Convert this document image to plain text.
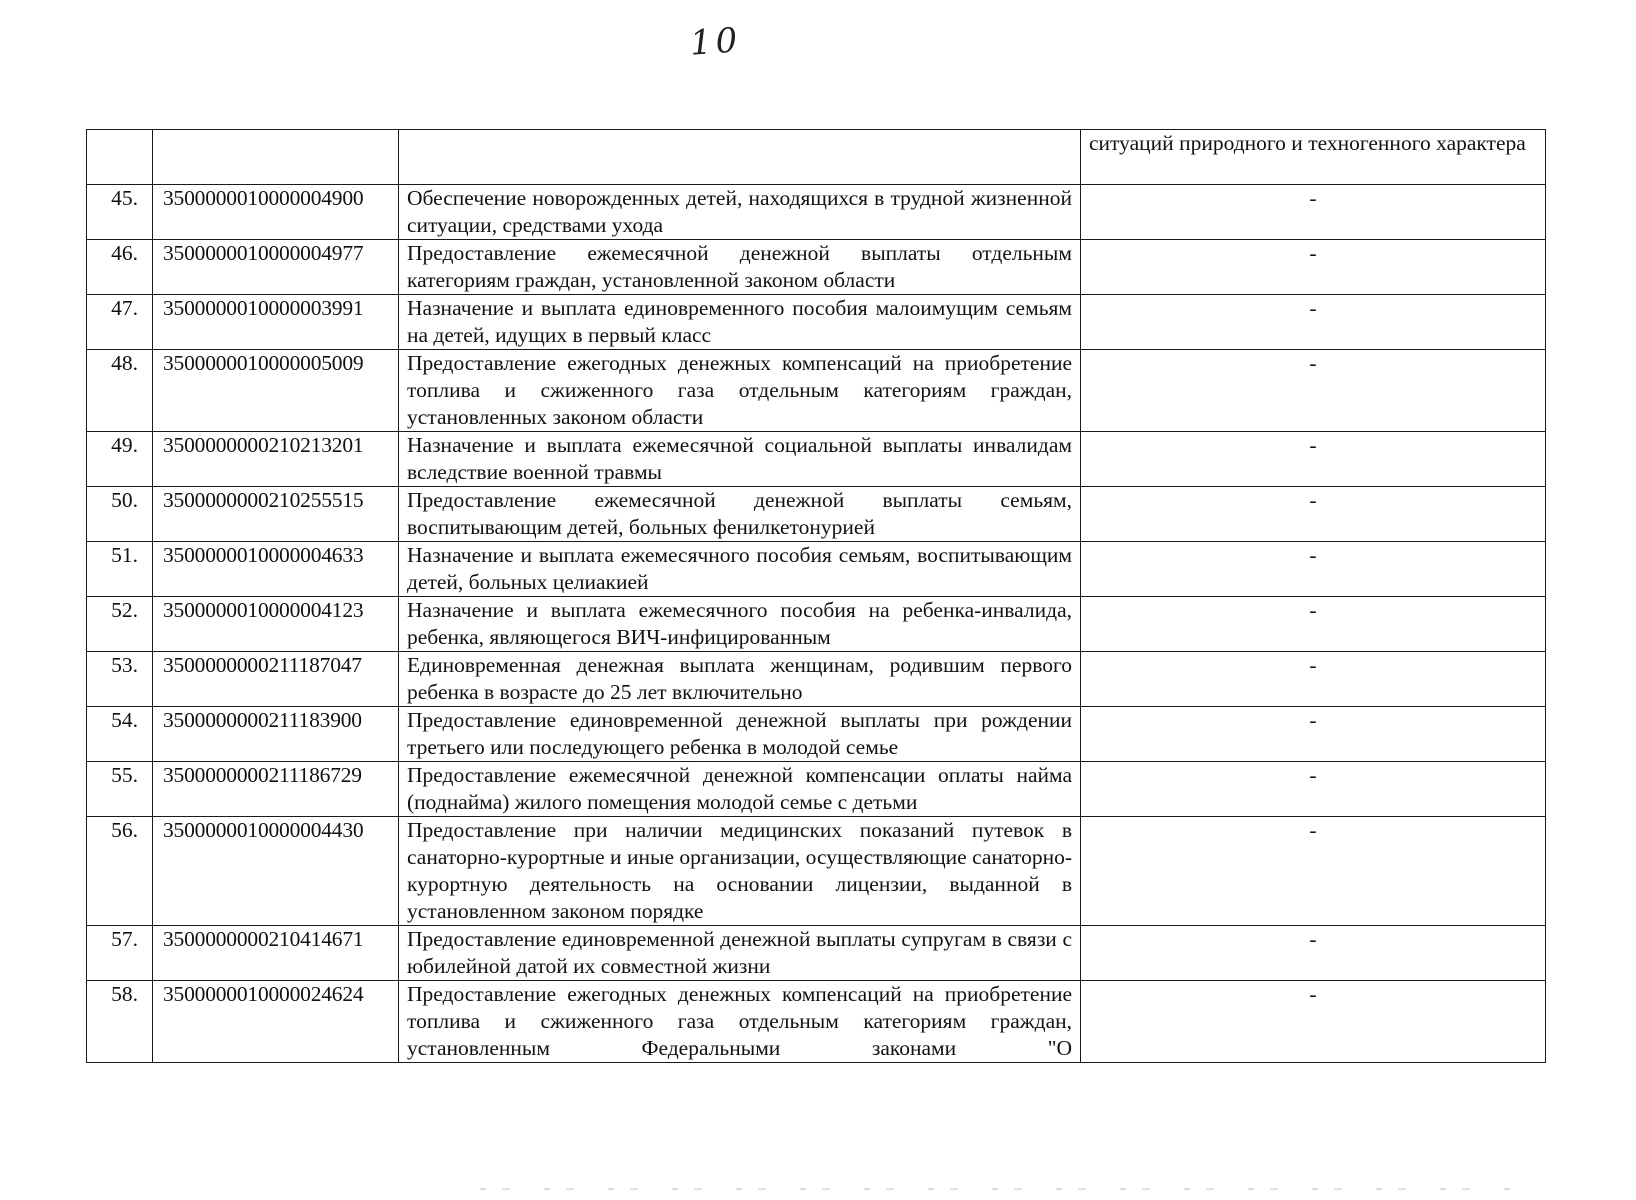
10
			ситуаций природного и техногенного характера
45.	3500000010000004900	Обеспечение новорожденных детей, находящихся в трудной жизненной ситуации, средствами ухода	-
46.	3500000010000004977	Предоставление ежемесячной денежной выплаты отдельным категориям граждан, установленной законом области	-
47.	3500000010000003991	Назначение и выплата единовременного пособия малоимущим семьям на детей, идущих в первый класс	-
48.	3500000010000005009	Предоставление ежегодных денежных компенсаций на приобретение топлива и сжиженного газа отдельным категориям граждан, установленных законом области	-
49.	3500000000210213201	Назначение и выплата ежемесячной социальной выплаты инвалидам вследствие военной травмы	-
50.	3500000000210255515	Предоставление ежемесячной денежной выплаты семьям, воспитывающим детей, больных фенилкетонурией	-
51.	3500000010000004633	Назначение и выплата ежемесячного пособия семьям, воспитывающим детей, больных целиакией	-
52.	3500000010000004123	Назначение и выплата ежемесячного пособия на ребенка-инвалида, ребенка, являющегося ВИЧ-инфицированным	-
53.	3500000000211187047	Единовременная денежная выплата женщинам, родившим первого ребенка в возрасте до 25 лет включительно	-
54.	3500000000211183900	Предоставление единовременной денежной выплаты при рождении третьего или последующего ребенка в молодой семье	-
55.	3500000000211186729	Предоставление ежемесячной денежной компенсации оплаты найма (поднайма) жилого помещения молодой семье с детьми	-
56.	3500000010000004430	Предоставление при наличии медицинских показаний путевок в санаторно-курортные и иные организации, осуществляющие санаторно-курортную деятельность на основании лицензии, выданной в установленном законом порядке	-
57.	3500000000210414671	Предоставление единовременной денежной выплаты супругам в связи с юбилейной датой их совместной жизни	-
58.	3500000010000024624	Предоставление ежегодных денежных компенсаций на приобретение топлива и сжиженного газа отдельным категориям граждан, установленным Федеральными законами "О	-
